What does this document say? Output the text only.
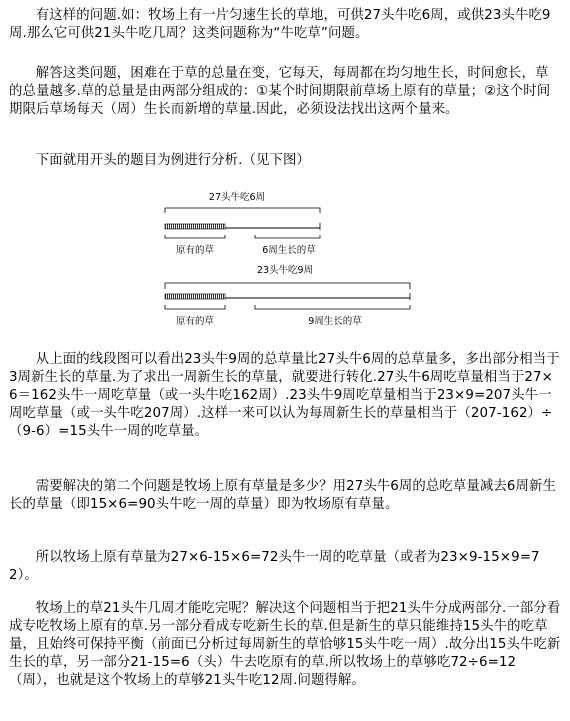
有这样的问题.如：牧场上有一片匀速生长的草地，可供27头牛吃6周，或供23头牛吃9周.那么它可供21头牛吃几周？这类问题称为“牛吃草”问题。

解答这类问题，困难在于草的总量在变，它每天，每周都在均匀地生长，时间愈长，草的总量越多.草的总量是由两部分组成的：①某个时间期限前草场上原有的草量；②这个时间期限后草场每天（周）生长而新增的草量.因此，必须设法找出这两个量来。

下面就用开头的题目为例进行分析.（见下图）

27头牛吃6周
原有的草	6周生长的草
23头牛吃9周
原有的草	9周生长的草

从上面的线段图可以看出23头牛9周的总草量比27头牛6周的总草量多，多出部分相当于3周新生长的草量.为了求出一周新生长的草量，就要进行转化.27头牛6周吃草量相当于27×6＝162头牛一周吃草量（或一头牛吃162周）.23头牛9周吃草量相当于23×9=207头牛一周吃草量（或一头牛吃207周）.这样一来可以认为每周新生长的草量相当于（207-162）÷（9-6）=15头牛一周的吃草量。

需要解决的第二个问题是牧场上原有草量是多少？用27头牛6周的总吃草量减去6周新生长的草量（即15×6=90头牛吃一周的草量）即为牧场原有草量。

所以牧场上原有草量为27×6-15×6=72头牛一周的吃草量（或者为23×9-15×9=72）。

牧场上的草21头牛几周才能吃完呢？解决这个问题相当于把21头牛分成两部分.一部分看成专吃牧场上原有的草.另一部分看成专吃新生长的草.但是新生的草只能维持15头牛的吃草量，且始终可保持平衡（前面已分析过每周新生的草恰够15头牛吃一周）.故分出15头牛吃新生长的草，另一部分21-15=6（头）牛去吃原有的草.所以牧场上的草够吃72÷6=12（周），也就是这个牧场上的草够21头牛吃12周.问题得解。
